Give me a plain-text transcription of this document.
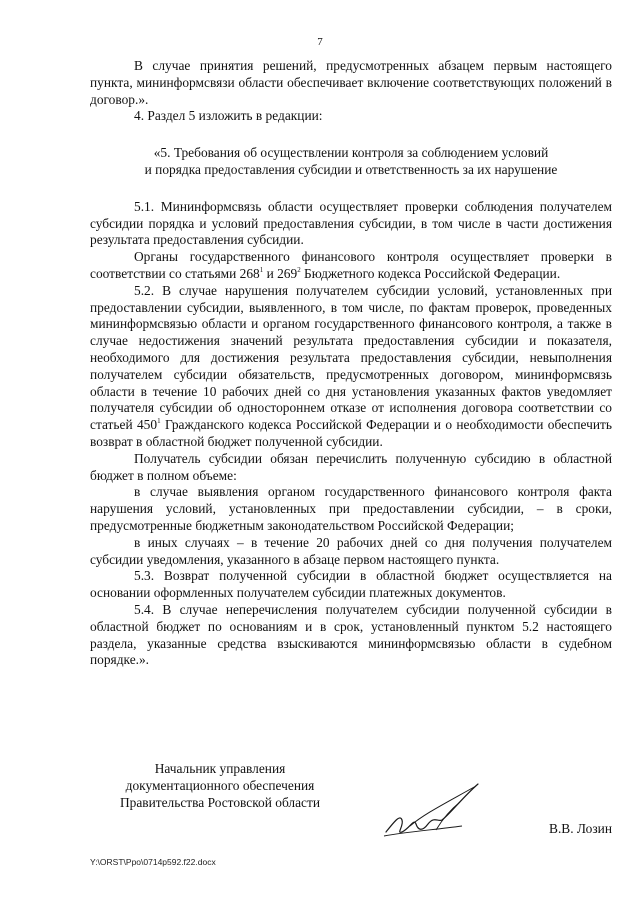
7

В случае принятия решений, предусмотренных абзацем первым настоящего пункта, мининформсвязи области обеспечивает включение соответствующих положений в договор.».

4. Раздел 5 изложить в редакции:

«5. Требования об осуществлении контроля за соблюдением условий
и порядка предоставления субсидии и ответственность за их нарушение

5.1. Мининформсвязь области осуществляет проверки соблюдения получателем субсидии порядка и условий предоставления субсидии, в том числе в части достижения результата предоставления субсидии.

Органы государственного финансового контроля осуществляет проверки в соответствии со статьями $268^1$ и $269^2$ Бюджетного кодекса Российской Федерации.

5.2. В случае нарушения получателем субсидии условий, установленных при предоставлении субсидии, выявленного, в том числе, по фактам проверок, проведенных мининформсвязью области и органом государственного финансового контроля, а также в случае недостижения значений результата предоставления субсидии и показателя, необходимого для достижения результата предоставления субсидии, невыполнения получателем субсидии обязательств, предусмотренных договором, мининформсвязь области в течение 10 рабочих дней со дня установления указанных фактов уведомляет получателя субсидии об одностороннем отказе от исполнения договора соответствии со статьей $450^1$ Гражданского кодекса Российской Федерации и о необходимости обеспечить возврат в областной бюджет полученной субсидии.

Получатель субсидии обязан перечислить полученную субсидию в областной бюджет в полном объеме:

в случае выявления органом государственного финансового контроля факта нарушения условий, установленных при предоставлении субсидии, – в сроки, предусмотренные бюджетным законодательством Российской Федерации;

в иных случаях – в течение 20 рабочих дней со дня получения получателем субсидии уведомления, указанного в абзаце первом настоящего пункта.

5.3. Возврат полученной субсидии в областной бюджет осуществляется на основании оформленных получателем субсидии платежных документов.

5.4. В случае неперечисления получателем субсидии полученной субсидии в областной бюджет по основаниям и в срок, установленный пунктом 5.2 настоящего раздела, указанные средства взыскиваются мининформсвязью области в судебном порядке.».

Начальник управления
документационного обеспечения
Правительства Ростовской области
В.В. Лозин
Y:\ORST\Ppo\0714p592.f22.docx
